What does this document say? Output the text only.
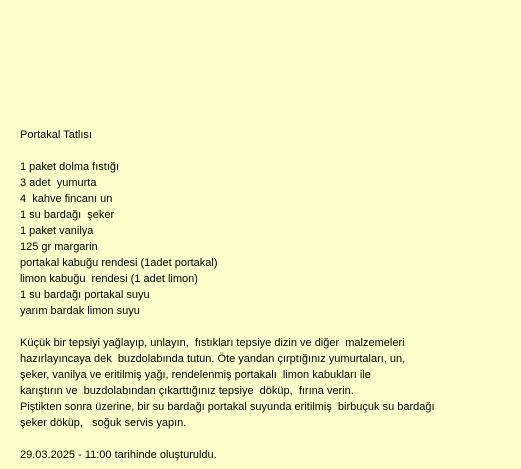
Portakal Tatlısı
1 paket dolma fıstığı
3 adet  yumurta
4  kahve fincanı un
1 su bardağı  şeker
1 paket vanilya
125 gr margarin
portakal kabuğu rendesi (1adet portakal)
limon kabuğu  rendesi (1 adet limon)
1 su bardağı portakal suyu
yarım bardak limon suyu
Küçük bir tepsiyi yağlayıp, unlayın,  fıstıkları tepsiye dizin ve diğer  malzemeleri
hazırlayıncaya dek  buzdolabında tutun. Öte yandan çırptığınız yumurtaları, un,
şeker, vanilya ve eritilmiş yağı, rendelenmiş portakalı  limon kabukları ile
karıştırın ve  buzdolabından çıkarttığınız tepsiye  döküp,  fırına verin.
Piştikten sonra üzerine, bir su bardağı portakal suyunda eritilmiş  birbuçuk su bardağı
şeker döküp,   soğuk servis yapın.
29.03.2025 - 11:00 tarihinde oluşturuldu.
